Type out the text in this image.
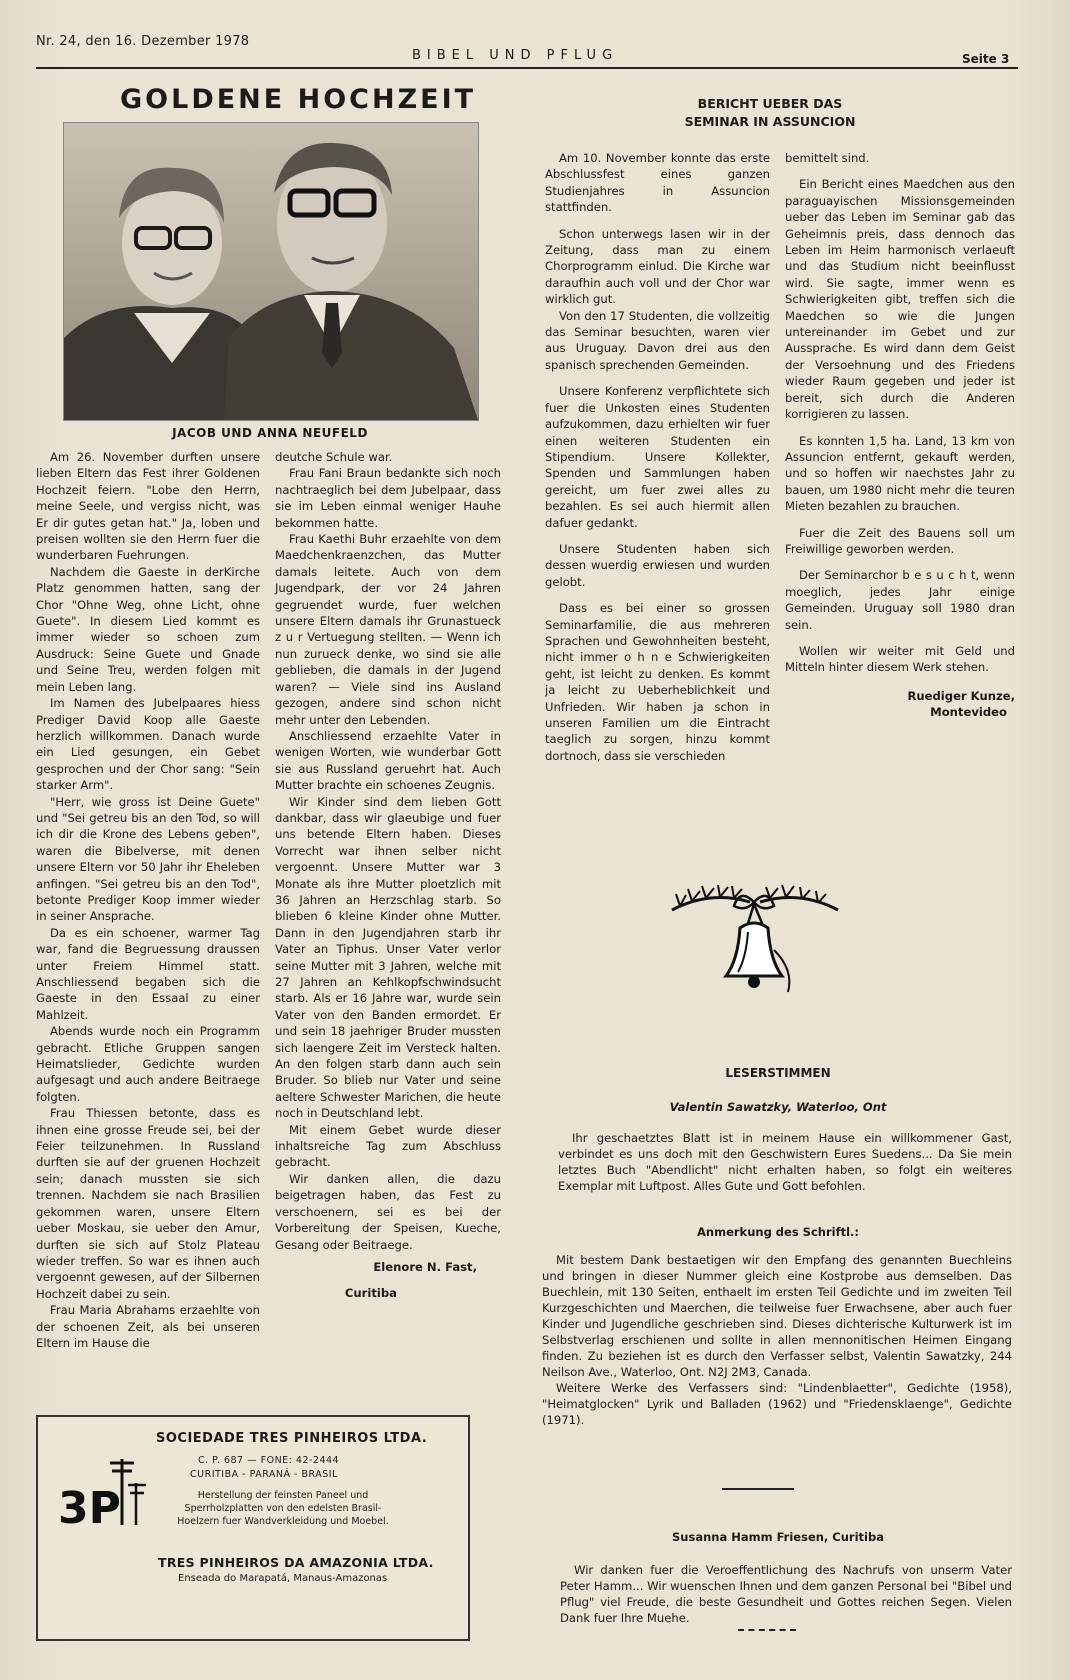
Nr. 24, den 16. Dezember 1978
BIBEL UND PFLUG	Seite 3
GOLDENE HOCHZEIT
JACOB UND ANNA NEUFELD

Am 26. November durften unsere lieben Eltern das Fest ihrer Goldenen Hochzeit feiern. "Lobe den Herrn, meine Seele, und vergiss nicht, was Er dir gutes getan hat." Ja, loben und preisen wollten sie den Herrn fuer die wunderbaren Fuehrungen.

Nachdem die Gaeste in derKirche Platz genommen hatten, sang der Chor "Ohne Weg, ohne Licht, ohne Guete". In diesem Lied kommt es immer wieder so schoen zum Ausdruck: Seine Guete und Gnade und Seine Treu, werden folgen mit mein Leben lang.

Im Namen des Jubelpaares hiess Prediger David Koop alle Gaeste herzlich willkommen. Danach wurde ein Lied gesungen, ein Gebet gesprochen und der Chor sang: "Sein starker Arm".

"Herr, wie gross ist Deine Guete" und "Sei getreu bis an den Tod, so will ich dir die Krone des Lebens geben", waren die Bibelverse, mit denen unsere Eltern vor 50 Jahr ihr Eheleben anfingen. "Sei getreu bis an den Tod", betonte Prediger Koop immer wieder in seiner Ansprache.

Da es ein schoener, warmer Tag war, fand die Begruessung draussen unter Freiem Himmel statt. Anschliessend begaben sich die Gaeste in den Essaal zu einer Mahlzeit.

Abends wurde noch ein Programm gebracht. Etliche Gruppen sangen Heimatslieder, Gedichte wurden aufgesagt und auch andere Beitraege folgten.

Frau Thiessen betonte, dass es ihnen eine grosse Freude sei, bei der Feier teilzunehmen. In Russland durften sie auf der gruenen Hochzeit sein; danach mussten sie sich trennen. Nachdem sie nach Brasilien gekommen waren, unsere Eltern ueber Moskau, sie ueber den Amur, durften sie sich auf Stolz Plateau wieder treffen. So war es ihnen auch vergoennt gewesen, auf der Silbernen Hochzeit dabei zu sein.

Frau Maria Abrahams erzaehlte von der schoenen Zeit, als bei unseren Eltern im Hause die

deutche Schule war.

Frau Fani Braun bedankte sich noch nachtraeglich bei dem Jubelpaar, dass sie im Leben einmal weniger Hauhe bekommen hatte.

Frau Kaethi Buhr erzaehlte von dem Maedchenkraenzchen, das Mutter damals leitete. Auch von dem Jugendpark, der vor 24 Jahren gegruendet wurde, fuer welchen unsere Eltern damals ihr Grunastueck z u r Vertuegung stellten. — Wenn ich nun zurueck denke, wo sind sie alle geblieben, die damals in der Jugend waren? — Viele sind ins Ausland gezogen, andere sind schon nicht mehr unter den Lebenden.

Anschliessend erzaehlte Vater in wenigen Worten, wie wunderbar Gott sie aus Russland geruehrt hat. Auch Mutter brachte ein schoenes Zeugnis.

Wir Kinder sind dem lieben Gott dankbar, dass wir glaeubige und fuer uns betende Eltern haben. Dieses Vorrecht war ihnen selber nicht vergoennt. Unsere Mutter war 3 Monate als ihre Mutter ploetzlich mit 36 Jahren an Herzschlag starb. So blieben 6 kleine Kinder ohne Mutter. Dann in den Jugendjahren starb ihr Vater an Tiphus. Unser Vater verlor seine Mutter mit 3 Jahren, welche mit 27 Jahren an Kehlkopfschwindsucht starb. Als er 16 Jahre war, wurde sein Vater von den Banden ermordet. Er und sein 18 jaehriger Bruder mussten sich laengere Zeit im Versteck halten. An den folgen starb dann auch sein Bruder. So blieb nur Vater und seine aeltere Schwester Marichen, die heute noch in Deutschland lebt.

Mit einem Gebet wurde dieser inhaltsreiche Tag zum Abschluss gebracht.

Wir danken allen, die dazu beigetragen haben, das Fest zu verschoenern, sei es bei der Vorbereitung der Speisen, Kueche, Gesang oder Beitraege.

Elenore N. Fast,

Curitiba

BERICHT UEBER DAS
SEMINAR IN ASSUNCION

Am 10. November konnte das erste Abschlussfest eines ganzen Studienjahres in Assuncion stattfinden.

Schon unterwegs lasen wir in der Zeitung, dass man zu einem Chorprogramm einlud. Die Kirche war daraufhin auch voll und der Chor war wirklich gut.

Von den 17 Studenten, die vollzeitig das Seminar besuchten, waren vier aus Uruguay. Davon drei aus den spanisch sprechenden Gemeinden.

Unsere Konferenz verpflichtete sich fuer die Unkosten eines Studenten aufzukommen, dazu erhielten wir fuer einen weiteren Studenten ein Stipendium. Unsere Kollekter, Spenden und Sammlungen haben gereicht, um fuer zwei alles zu bezahlen. Es sei auch hiermit allen dafuer gedankt.

Unsere Studenten haben sich dessen wuerdig erwiesen und wurden gelobt.

Dass es bei einer so grossen Seminarfamilie, die aus mehreren Sprachen und Gewohnheiten besteht, nicht immer o h n e Schwierigkeiten geht, ist leicht zu denken. Es kommt ja leicht zu Ueberheblichkeit und Unfrieden. Wir haben ja schon in unseren Familien um die Eintracht taeglich zu sorgen, hinzu kommt dortnoch, dass sie verschieden

bemittelt sind.

Ein Bericht eines Maedchen aus den paraguayischen Missionsgemeinden ueber das Leben im Seminar gab das Geheimnis preis, dass dennoch das Leben im Heim harmonisch verlaeuft und das Studium nicht beeinflusst wird. Sie sagte, immer wenn es Schwierigkeiten gibt, treffen sich die Maedchen so wie die Jungen untereinander im Gebet und zur Aussprache. Es wird dann dem Geist der Versoehnung und des Friedens wieder Raum gegeben und jeder ist bereit, sich durch die Anderen korrigieren zu lassen.

Es konnten 1,5 ha. Land, 13 km von Assuncion entfernt, gekauft werden, und so hoffen wir naechstes Jahr zu bauen, um 1980 nicht mehr die teuren Mieten bezahlen zu brauchen.

Fuer die Zeit des Bauens soll um Freiwillige geworben werden.

Der Seminarchor b e s u c h t, wenn moeglich, jedes Jahr einige Gemeinden. Uruguay soll 1980 dran sein.

Wollen wir weiter mit Geld und Mitteln hinter diesem Werk stehen.

Ruediger Kunze,

Montevideo

LESERSTIMMEN
Valentin Sawatzky, Waterloo, Ont

Ihr geschaetztes Blatt ist in meinem Hause ein willkommener Gast, verbindet es uns doch mit den Geschwistern Eures Suedens... Da Sie mein letztes Buch "Abendlicht" nicht erhalten haben, so folgt ein weiteres Exemplar mit Luftpost. Alles Gute und Gott befohlen.

Anmerkung des Schriftl.:

Mit bestem Dank bestaetigen wir den Empfang des genannten Buechleins und bringen in dieser Nummer gleich eine Kostprobe aus demselben. Das Buechlein, mit 130 Seiten, enthaelt im ersten Teil Gedichte und im zweiten Teil Kurzgeschichten und Maerchen, die teilweise fuer Erwachsene, aber auch fuer Kinder und Jugendliche geschrieben sind. Dieses dichterische Kulturwerk ist im Selbstverlag erschienen und sollte in allen mennonitischen Heimen Eingang finden. Zu beziehen ist es durch den Verfasser selbst, Valentin Sawatzky, 244 Neilson Ave., Waterloo, Ont. N2J 2M3, Canada.

Weitere Werke des Verfassers sind: "Lindenblaetter", Gedichte (1958), "Heimatglocken" Lyrik und Balladen (1962) und "Friedensklaenge", Gedichte (1971).

Susanna Hamm Friesen, Curitiba

Wir danken fuer die Veroeffentlichung des Nachrufs von unserm Vater Peter Hamm... Wir wuenschen Ihnen und dem ganzen Personal bei "Bibel und Pflug" viel Freude, die beste Gesundheit und Gottes reichen Segen. Vielen Dank fuer Ihre Muehe.

3P
SOCIEDADE TRES PINHEIROS LTDA.
C. P. 687 — FONE: 42-2444
CURITIBA - PARANÁ - BRASIL
Herstellung der feinsten Paneel und Sperrholzplatten von den edelsten Brasil-Hoelzern fuer Wandverkleidung und Moebel.
TRES PINHEIROS DA AMAZONIA LTDA.
Enseada do Marapatá, Manaus-Amazonas
